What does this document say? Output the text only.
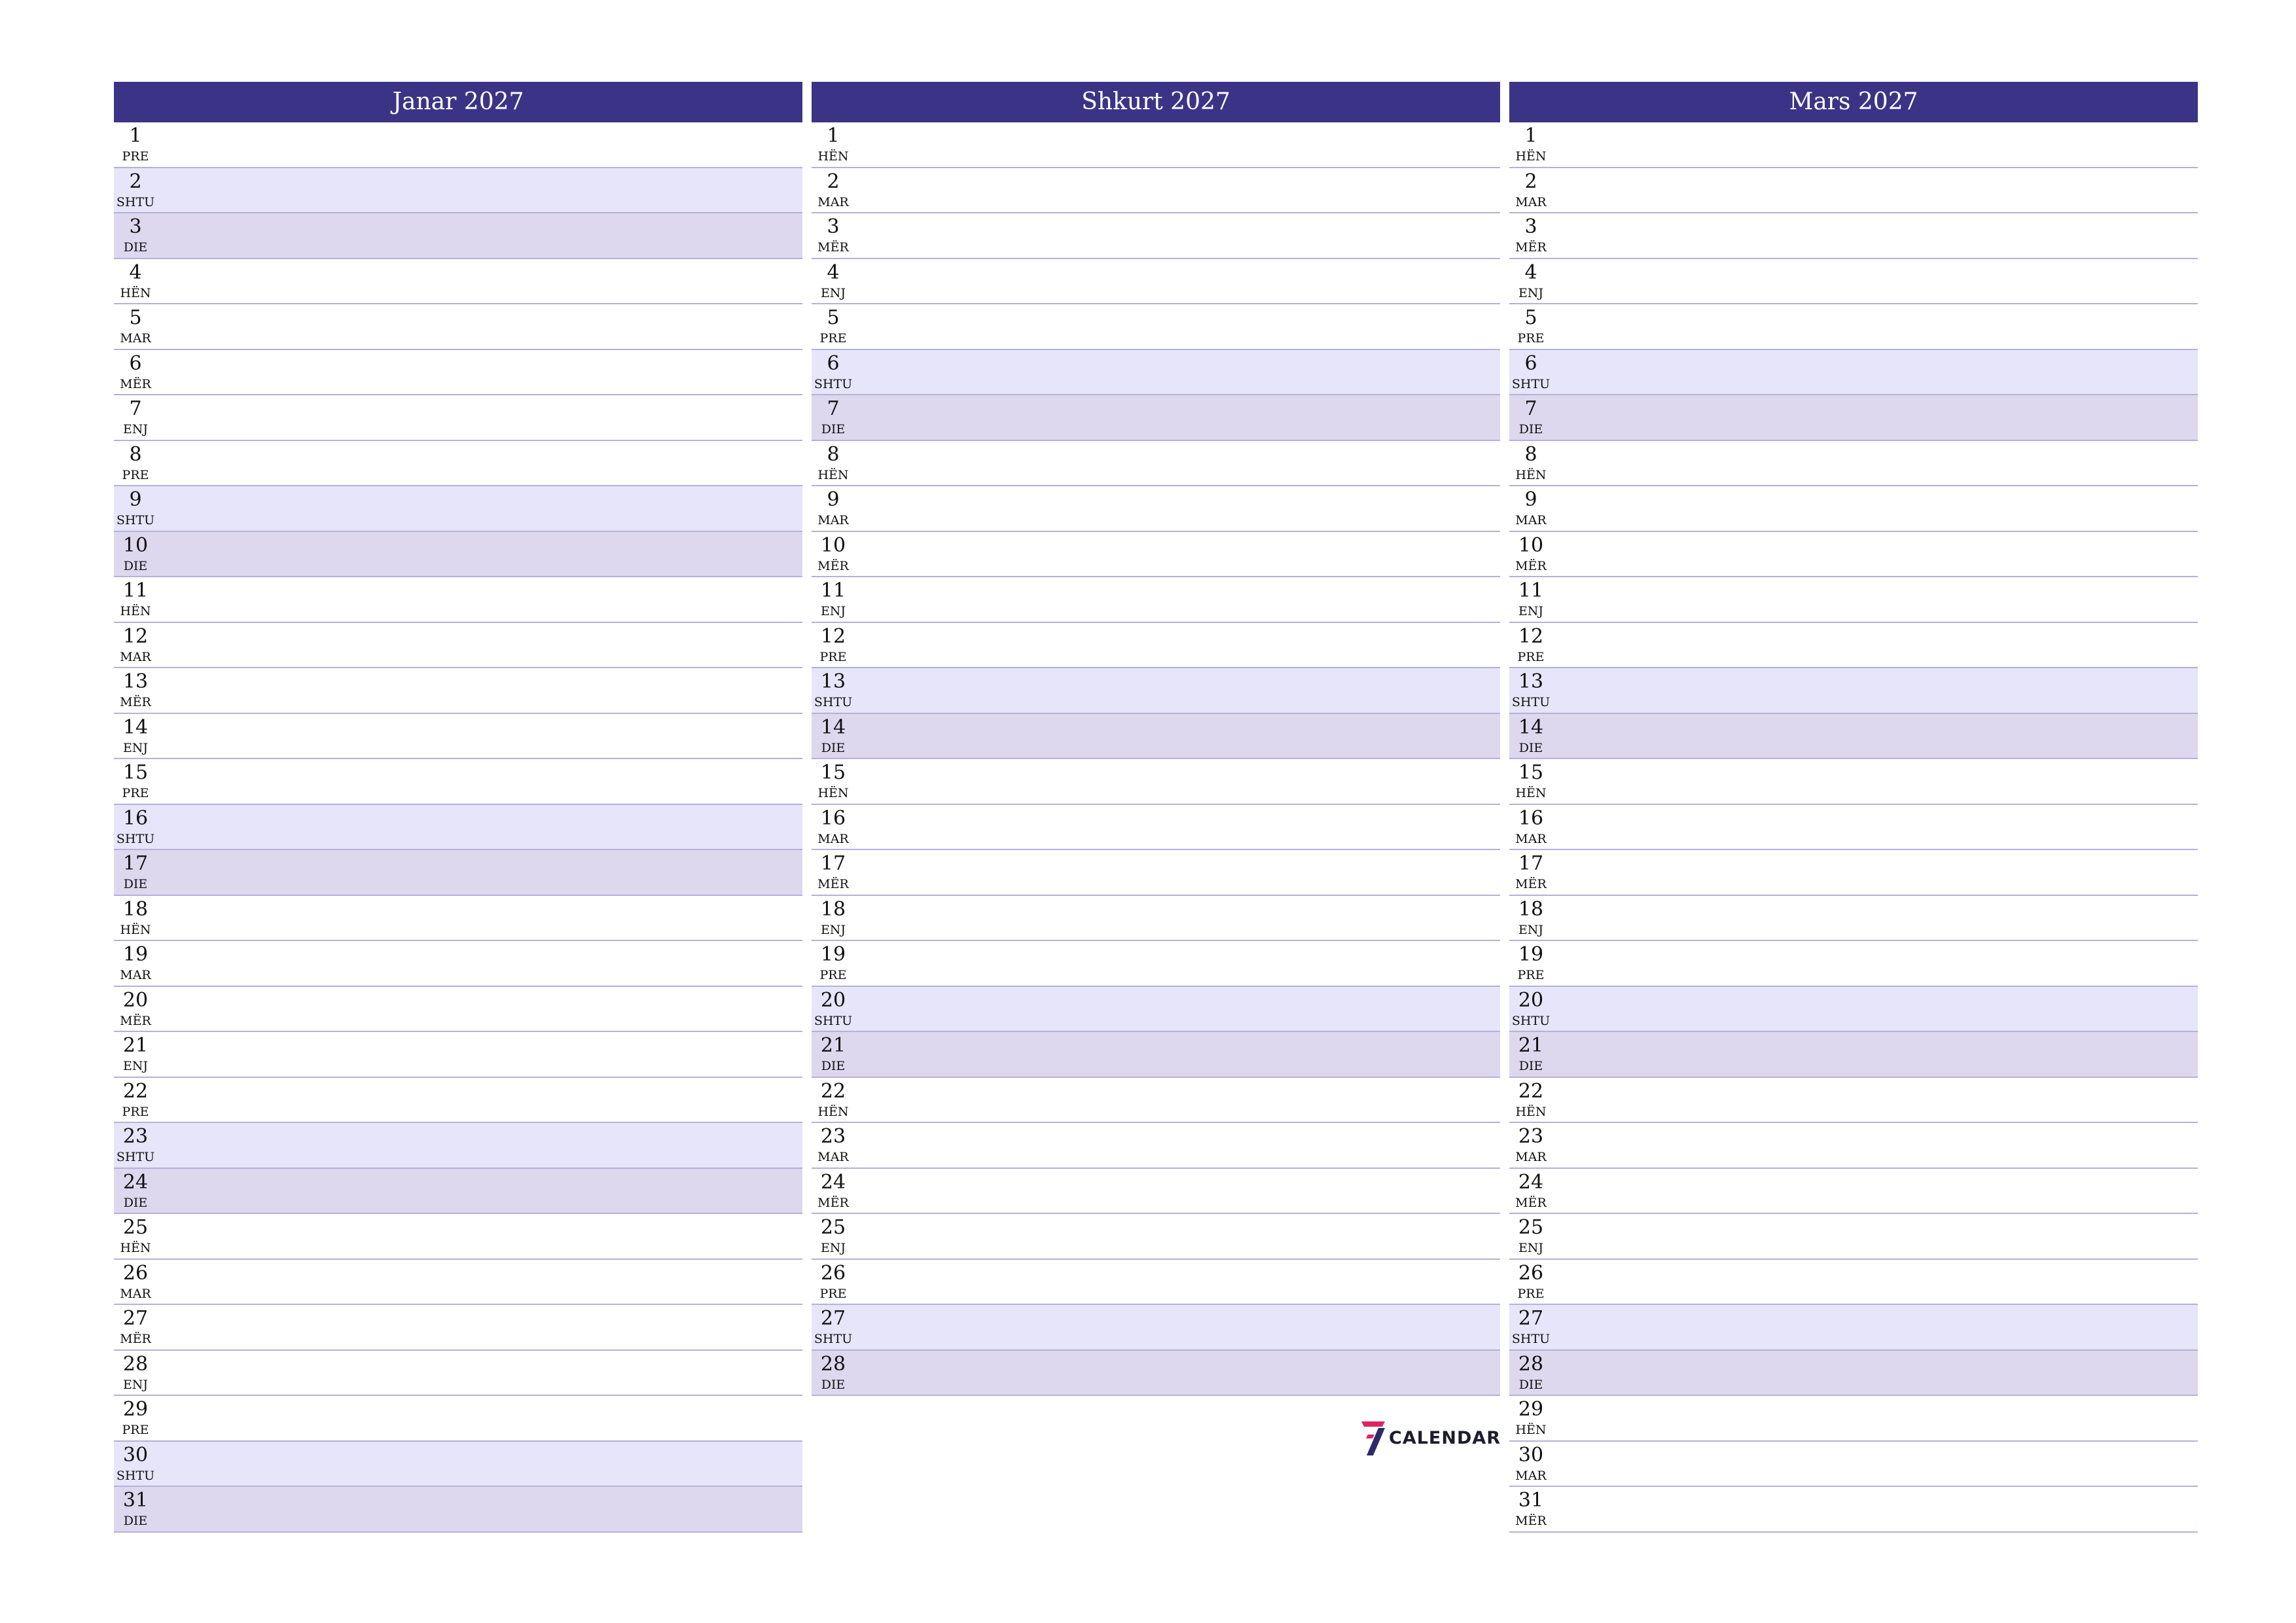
Janar 2027
1
PRE
2
SHTU
3
DIE
4
HËN
5
MAR
6
MËR
7
ENJ
8
PRE
9
SHTU
10
DIE
11
HËN
12
MAR
13
MËR
14
ENJ
15
PRE
16
SHTU
17
DIE
18
HËN
19
MAR
20
MËR
21
ENJ
22
PRE
23
SHTU
24
DIE
25
HËN
26
MAR
27
MËR
28
ENJ
29
PRE
30
SHTU
31
DIE
Shkurt 2027
1
HËN
2
MAR
3
MËR
4
ENJ
5
PRE
6
SHTU
7
DIE
8
HËN
9
MAR
10
MËR
11
ENJ
12
PRE
13
SHTU
14
DIE
15
HËN
16
MAR
17
MËR
18
ENJ
19
PRE
20
SHTU
21
DIE
22
HËN
23
MAR
24
MËR
25
ENJ
26
PRE
27
SHTU
28
DIE
Mars 2027
1
HËN
2
MAR
3
MËR
4
ENJ
5
PRE
6
SHTU
7
DIE
8
HËN
9
MAR
10
MËR
11
ENJ
12
PRE
13
SHTU
14
DIE
15
HËN
16
MAR
17
MËR
18
ENJ
19
PRE
20
SHTU
21
DIE
22
HËN
23
MAR
24
MËR
25
ENJ
26
PRE
27
SHTU
28
DIE
29
HËN
30
MAR
31
MËR
CALENDAR
